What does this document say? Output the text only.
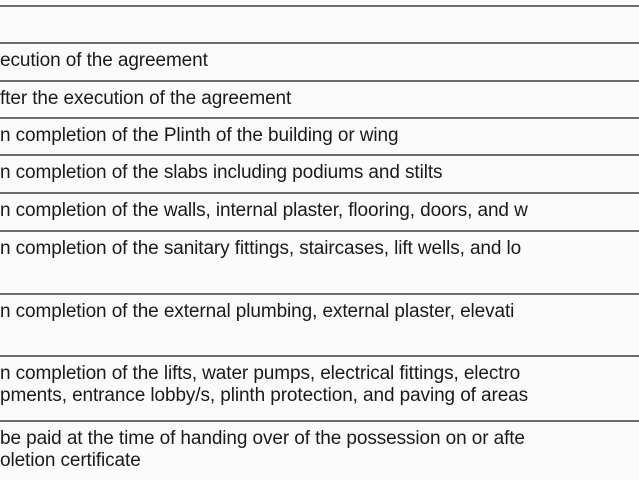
ecution of the agreement
fter the execution of the agreement
n completion of the Plinth of the building or wing
n completion of the slabs including podiums and stilts
n completion of the walls, internal plaster, flooring, doors, and w
n completion of the sanitary fittings, staircases, lift wells, and lo
n completion of the external plumbing, external plaster, elevati
n completion of the lifts, water pumps, electrical fittings, electro
pments, entrance lobby/s, plinth protection, and paving of areas
be paid at the time of handing over of the possession on or afte
oletion certificate
